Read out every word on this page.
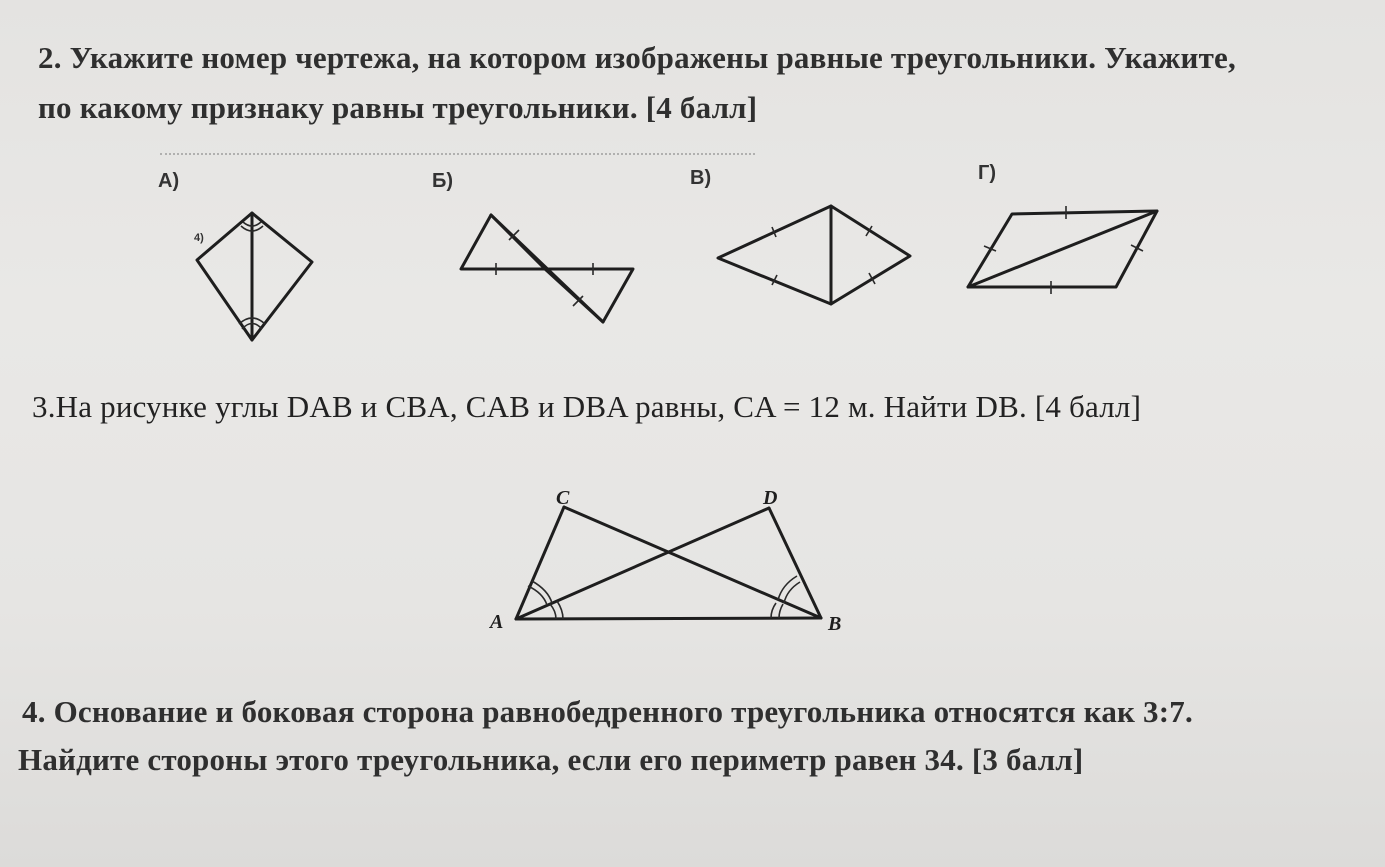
2. Укажите номер чертежа, на котором изображены равные треугольники. Укажите,
по какому признаку равны треугольники. [4 балл]
А)	Б)	В)	Г)
4)
3.На рисунке углы DAB и CBA, CAB и DBA равны, CA = 12 м. Найти DB. [4 балл]
C	D
A	B
4. Основание и боковая сторона равнобедренного треугольника относятся как 3:7.
Найдите стороны этого треугольника, если его периметр равен 34. [3 балл]
